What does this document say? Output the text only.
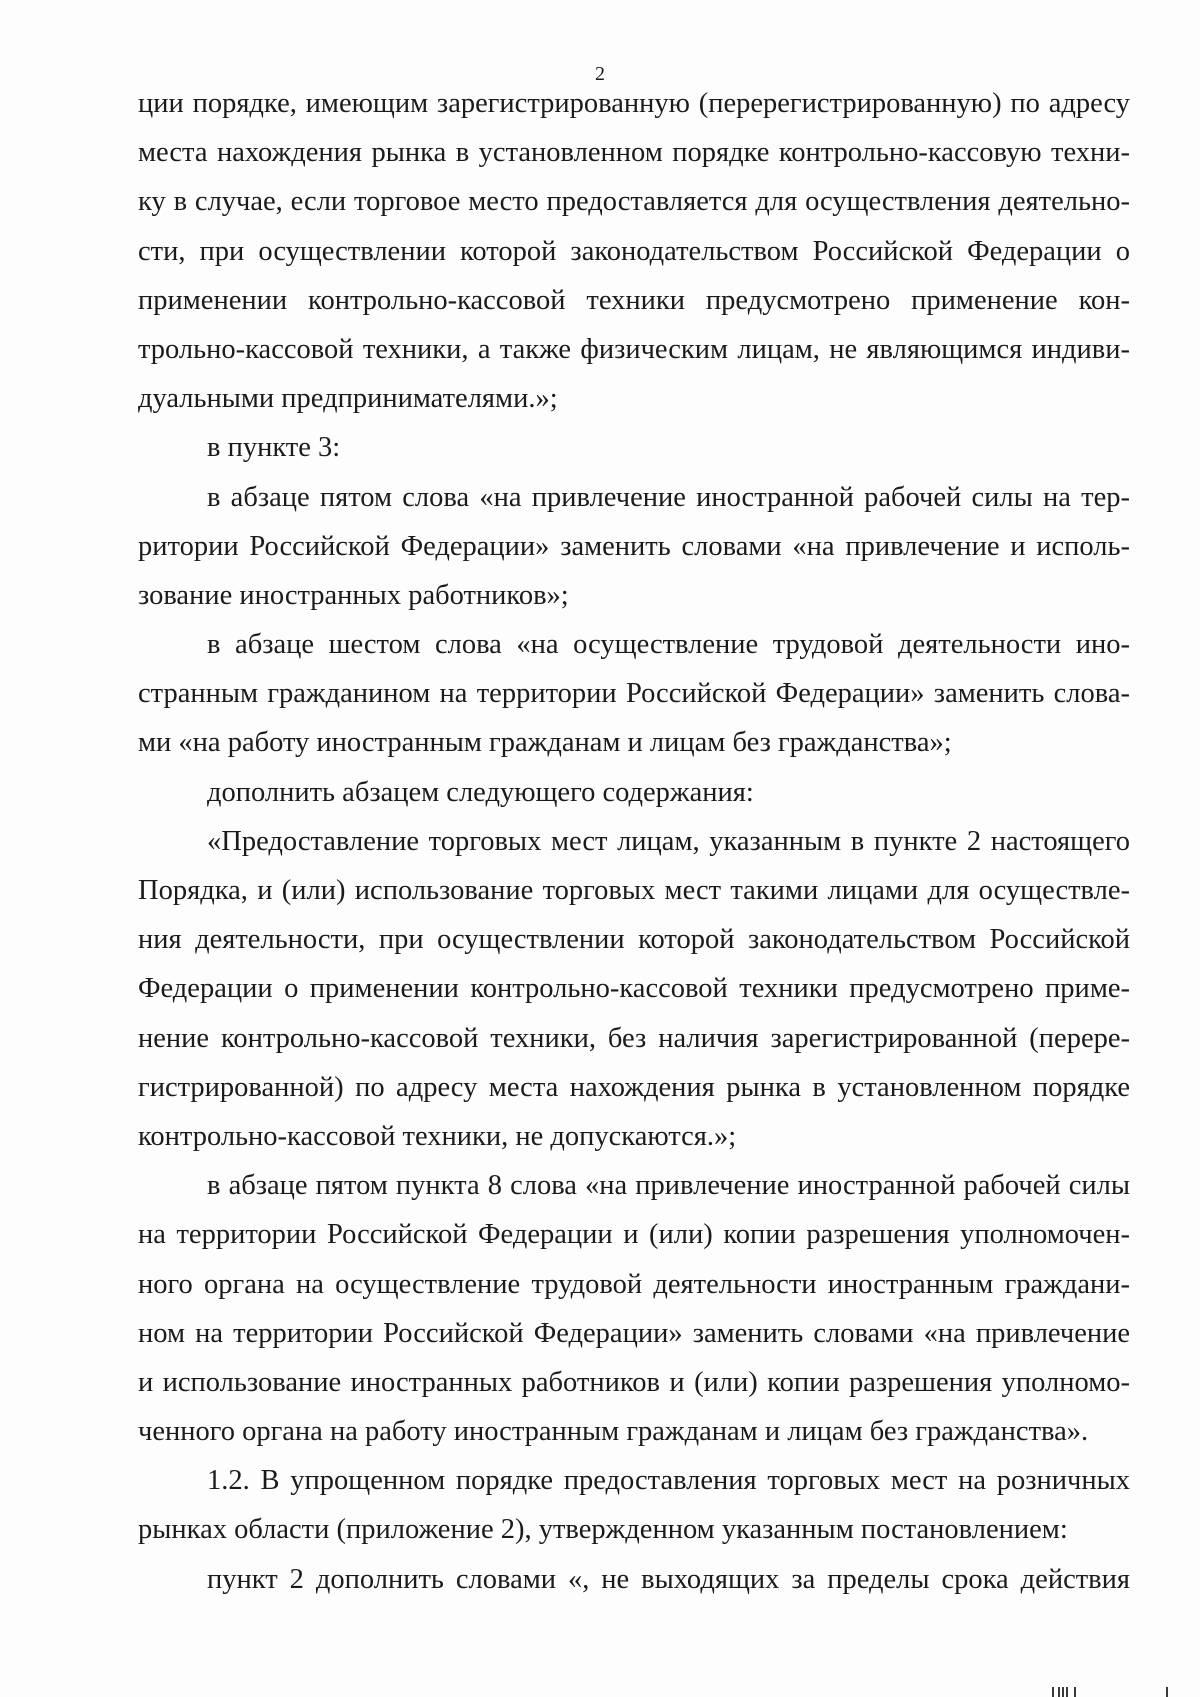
2
ции порядке, имеющим зарегистрированную (перерегистрированную) по адресу
места нахождения рынка в установленном порядке контрольно-кассовую техни-
ку в случае, если торговое место предоставляется для осуществления деятельно-
сти, при осуществлении которой законодательством Российской Федерации о
применении контрольно-кассовой техники предусмотрено применение кон-
трольно-кассовой техники, а также физическим лицам, не являющимся индиви-
дуальными предпринимателями.»;
в пункте 3:
в абзаце пятом слова «на привлечение иностранной рабочей силы на тер-
ритории Российской Федерации» заменить словами «на привлечение и исполь-
зование иностранных работников»;
в абзаце шестом слова «на осуществление трудовой деятельности ино-
странным гражданином на территории Российской Федерации» заменить слова-
ми «на работу иностранным гражданам и лицам без гражданства»;
дополнить абзацем следующего содержания:
«Предоставление торговых мест лицам, указанным в пункте 2 настоящего
Порядка, и (или) использование торговых мест такими лицами для осуществле-
ния деятельности, при осуществлении которой законодательством Российской
Федерации о применении контрольно-кассовой техники предусмотрено приме-
нение контрольно-кассовой техники, без наличия зарегистрированной (перере-
гистрированной) по адресу места нахождения рынка в установленном порядке
контрольно-кассовой техники, не допускаются.»;
в абзаце пятом пункта 8 слова «на привлечение иностранной рабочей силы
на территории Российской Федерации и (или) копии разрешения уполномочен-
ного органа на осуществление трудовой деятельности иностранным граждани-
ном на территории Российской Федерации» заменить словами «на привлечение
и использование иностранных работников и (или) копии разрешения уполномо-
ченного органа на работу иностранным гражданам и лицам без гражданства».
1.2. В упрощенном порядке предоставления торговых мест на розничных
рынках области (приложение 2), утвержденном указанным постановлением:
пункт 2 дополнить словами «, не выходящих за пределы срока действия
